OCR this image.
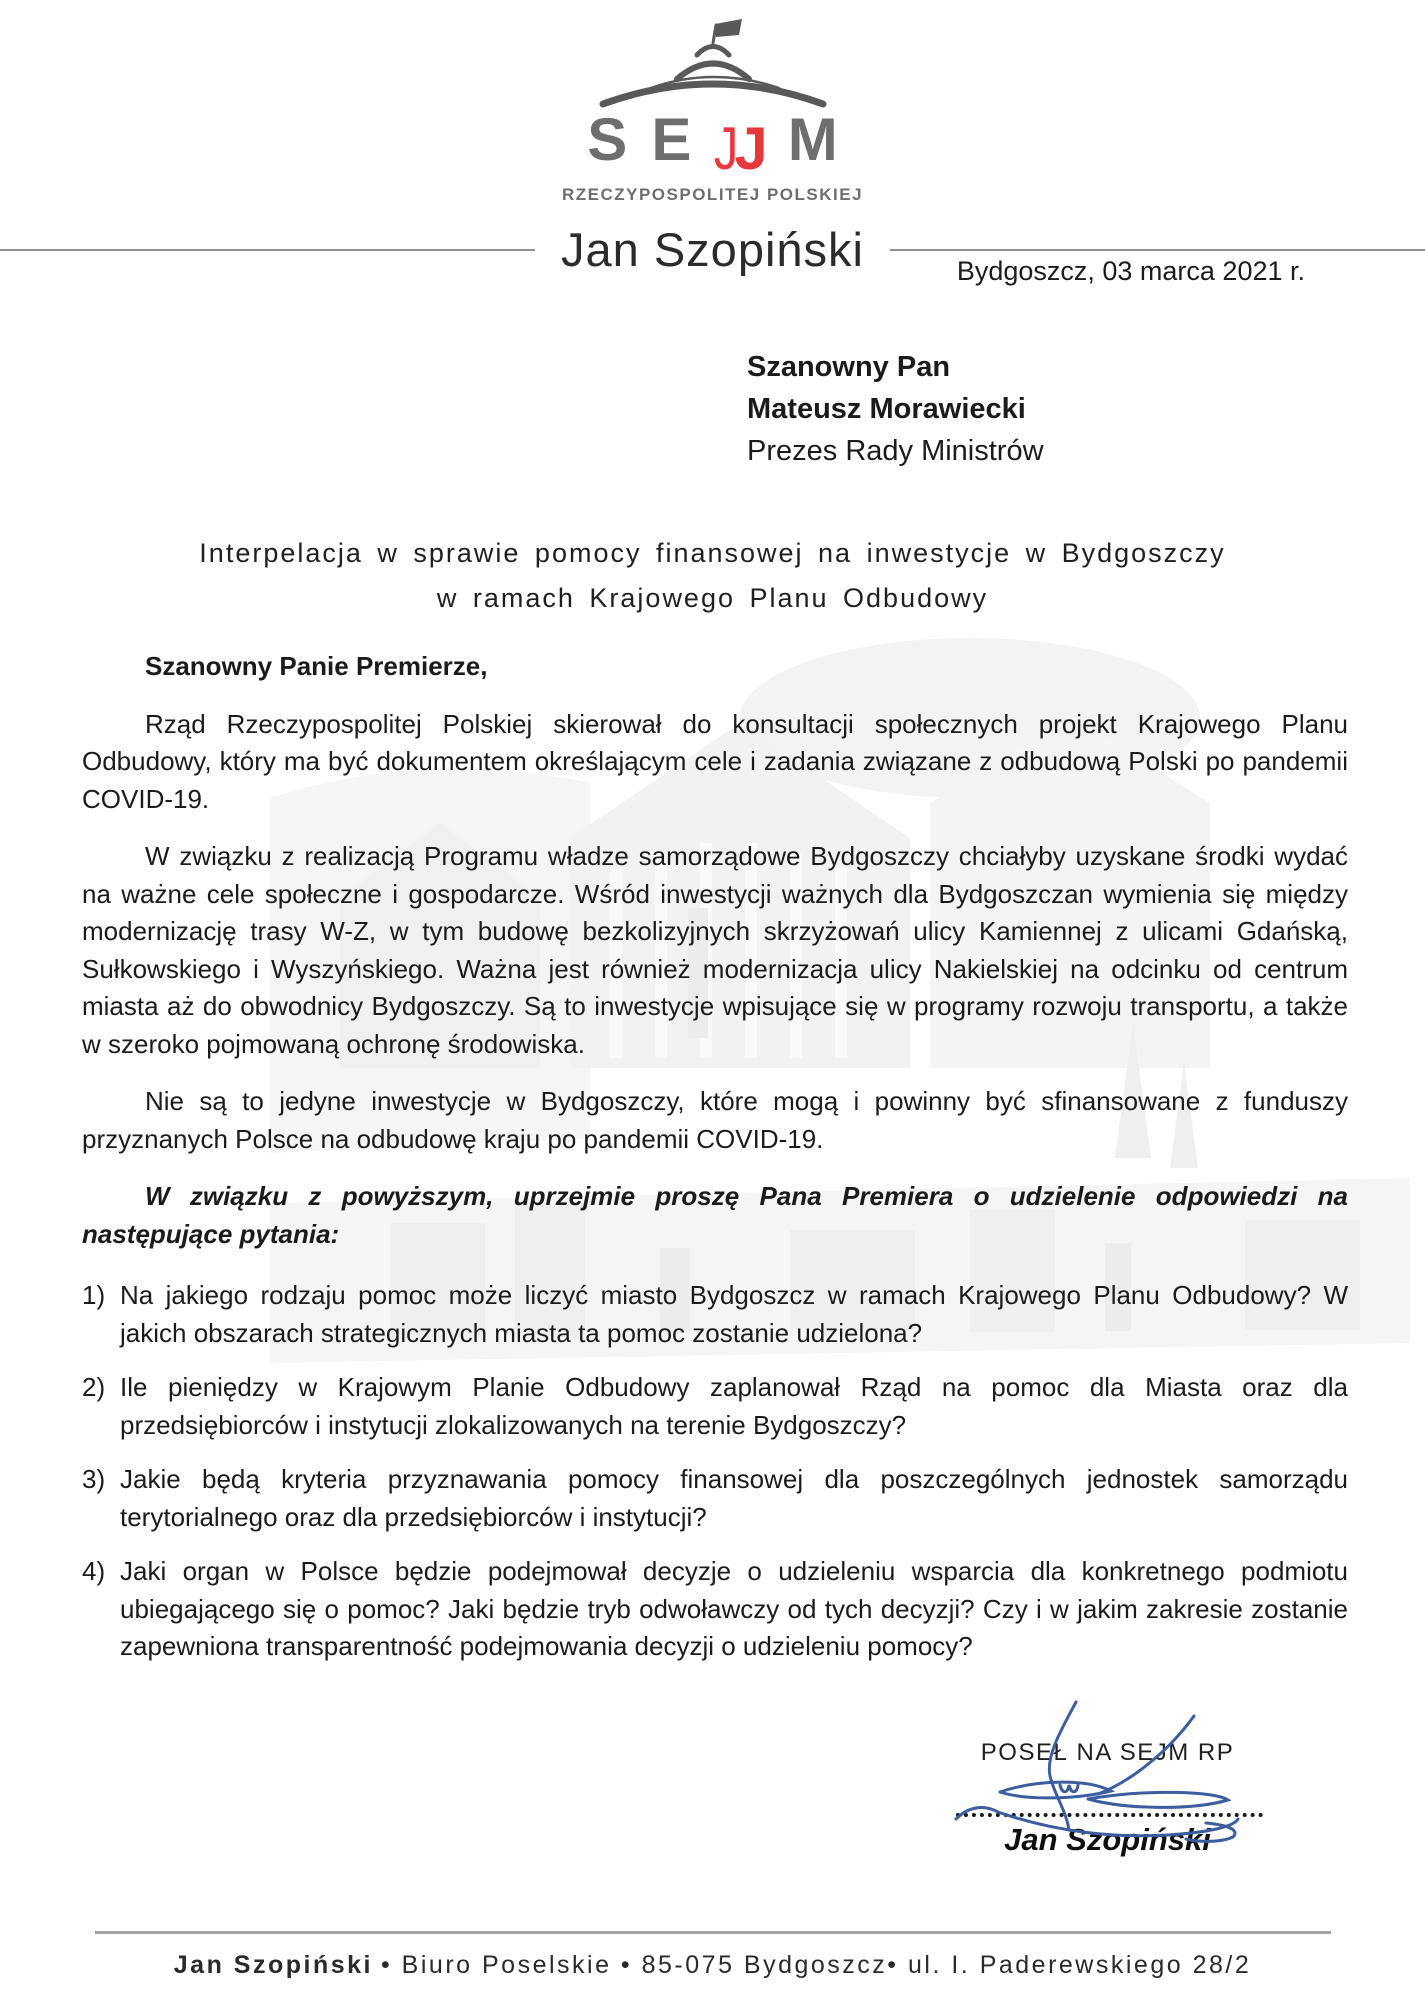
S E J
J M
RZECZYPOSPOLITEJ POLSKIEJ
Jan Szopiński	Bydgoszcz, 03 marca 2021 r.
Szanowny Pan
Mateusz Morawiecki
Prezes Rady Ministrów
Interpelacja w sprawie pomocy finansowej na inwestycje w Bydgoszczy
w ramach Krajowego Planu Odbudowy

Szanowny Panie Premierze,

Rząd Rzeczypospolitej Polskiej skierował do konsultacji społecznych projekt Krajowego Planu Odbudowy, który ma być dokumentem określającym cele i zadania związane z odbudową Polski po pandemii COVID-19.

W związku z realizacją Programu władze samorządowe Bydgoszczy chciałyby uzyskane środki wydać na ważne cele społeczne i gospodarcze. Wśród inwestycji ważnych dla Bydgoszczan wymienia się między modernizację trasy W-Z, w tym budowę bezkolizyjnych skrzyżowań ulicy Kamiennej z ulicami Gdańską, Sułkowskiego i Wyszyńskiego. Ważna jest również modernizacja ulicy Nakielskiej na odcinku od centrum miasta aż do obwodnicy Bydgoszczy. Są to inwestycje wpisujące się w programy rozwoju transportu, a także w szeroko pojmowaną ochronę środowiska.

Nie są to jedyne inwestycje w Bydgoszczy, które mogą i powinny być sfinansowane z funduszy przyznanych Polsce na odbudowę kraju po pandemii COVID-19.

W związku z powyższym, uprzejmie proszę Pana Premiera o udzielenie odpowiedzi na następujące pytania:

1) Na jakiego rodzaju pomoc może liczyć miasto Bydgoszcz w ramach Krajowego Planu Odbudowy? W jakich obszarach strategicznych miasta ta pomoc zostanie udzielona?
2) Ile pieniędzy w Krajowym Planie Odbudowy zaplanował Rząd na pomoc dla Miasta oraz dla przedsiębiorców i instytucji zlokalizowanych na terenie Bydgoszczy?
3) Jakie będą kryteria przyznawania pomocy finansowej dla poszczególnych jednostek samorządu terytorialnego oraz dla przedsiębiorców i instytucji?
4) Jaki organ w Polsce będzie podejmował decyzje o udzieleniu wsparcia dla konkretnego podmiotu ubiegającego się o pomoc? Jaki będzie tryb odwoławczy od tych decyzji? Czy i w jakim zakresie zostanie zapewniona transparentność podejmowania decyzji o udzieleniu pomocy?
POSEŁ NA SEJM RP
Jan Szopiński
Jan Szopiński • Biuro Poselskie • 85-075 Bydgoszcz• ul. I. Paderewskiego 28/2
